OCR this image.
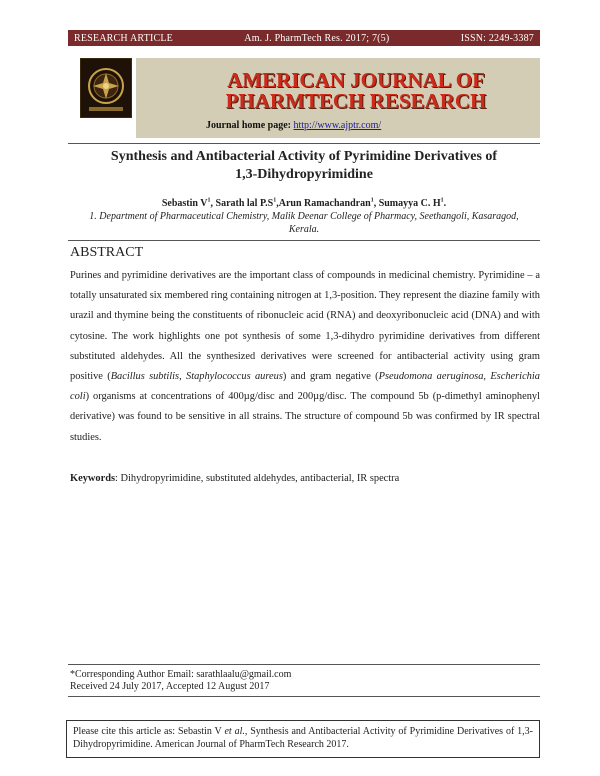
RESEARCH ARTICLE	Am. J. PharmTech Res. 2017; 7(5)	ISSN: 2249-3387
AMERICAN JOURNAL OF
PHARMTECH RESEARCH
Journal home page: http://www.ajptr.com/
Synthesis and Antibacterial Activity of Pyrimidine Derivatives of
1,3-Dihydropyrimidine
Sebastin $V^1$, Sarath lal $P.S^1,Arun$ Ramachandran$^1$, Sumayya C. $H^1$.
1. Department of Pharmaceutical Chemistry, Malik Deenar College of Pharmacy, Seethangoli, Kasaragod, Kerala.
ABSTRACT
Purines and pyrimidine derivatives are the important class of compounds in medicinal chemistry. Pyrimidine – a totally unsaturated six membered ring containing nitrogen at 1,3-position. They represent the diazine family with urazil and thymine being the constituents of ribonucleic acid (RNA) and deoxyribonucleic acid (DNA) and with cytosine. The work highlights one pot synthesis of some 1,3-dihydro pyrimidine derivatives from different substituted aldehydes. All the synthesized derivatives were screened for antibacterial activity using gram positive (Bacillus subtilis, Staphylococcus aureus) and gram negative (Pseudomona aeruginosa, Escherichia coli) organisms at concentrations of 400µg/disc and 200µg/disc. The compound 5b (p-dimethyl aminophenyl derivative) was found to be sensitive in all strains. The structure of compound 5b was confirmed by IR spectral studies.
Keywords: Dihydropyrimidine, substituted aldehydes, antibacterial, IR spectra
*Corresponding Author Email: sarathlaalu@gmail.com
Received 24 July 2017, Accepted 12 August 2017
Please cite this article as: Sebastin V et al., Synthesis and Antibacterial Activity of Pyrimidine Derivatives of 1,3-Dihydropyrimidine. American Journal of PharmTech Research 2017.
